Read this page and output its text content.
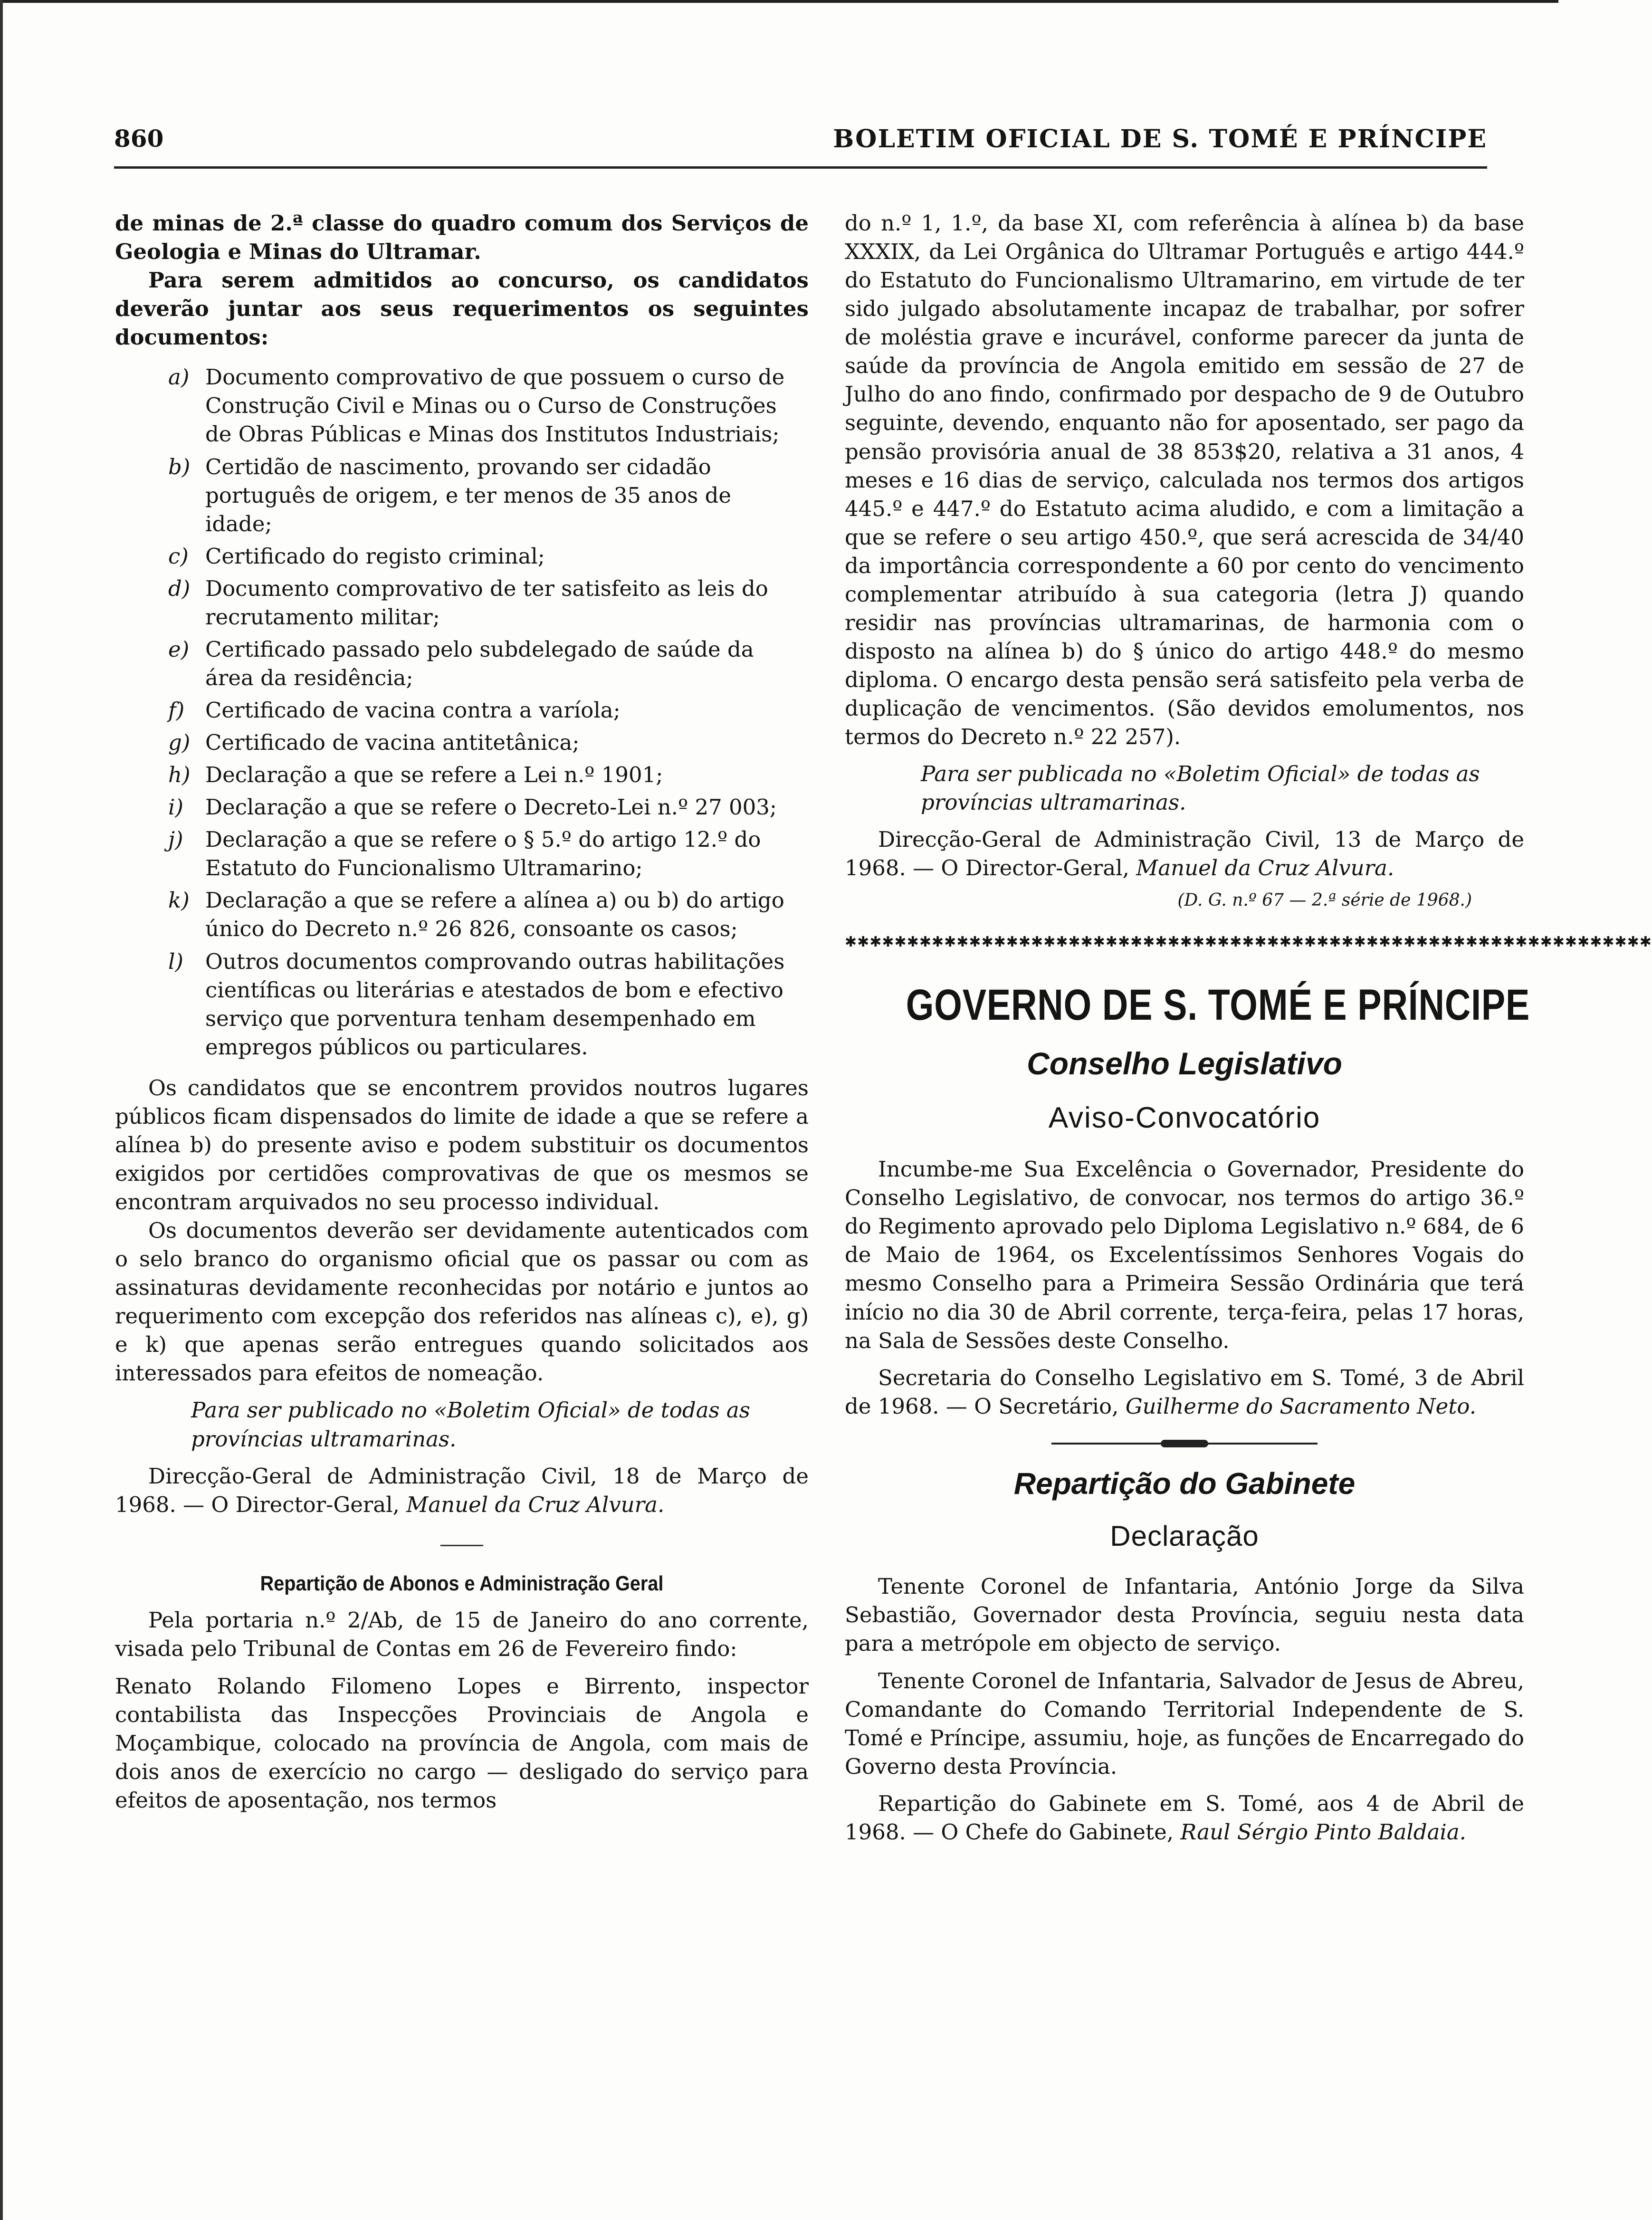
860	BOLETIM OFICIAL DE S. TOMÉ E PRÍNCIPE

de minas de 2.ª classe do quadro comum dos Serviços de Geologia e Minas do Ultramar.

Para serem admitidos ao concurso, os candidatos deverão juntar aos seus requerimentos os seguintes documentos:

a) Documento comprovativo de que possuem o curso de Construção Civil e Minas ou o Curso de Construções de Obras Públicas e Minas dos Institutos Industriais;
b) Certidão de nascimento, provando ser cidadão português de origem, e ter menos de 35 anos de idade;
c) Certificado do registo criminal;
d) Documento comprovativo de ter satisfeito as leis do recrutamento militar;
e) Certificado passado pelo subdelegado de saúde da área da residência;
f) Certificado de vacina contra a varíola;
g) Certificado de vacina antitetânica;
h) Declaração a que se refere a Lei n.º 1901;
i) Declaração a que se refere o Decreto-Lei n.º 27 003;
j) Declaração a que se refere o § 5.º do artigo 12.º do Estatuto do Funcionalismo Ultramarino;
k) Declaração a que se refere a alínea a) ou b) do artigo único do Decreto n.º 26 826, consoante os casos;
l) Outros documentos comprovando outras habilitações científicas ou literárias e atestados de bom e efectivo serviço que porventura tenham desempenhado em empregos públicos ou particulares.

Os candidatos que se encontrem providos noutros lugares públicos ficam dispensados do limite de idade a que se refere a alínea b) do presente aviso e podem substituir os documentos exigidos por certidões comprovativas de que os mesmos se encontram arquivados no seu processo individual.

Os documentos deverão ser devidamente autenticados com o selo branco do organismo oficial que os passar ou com as assinaturas devidamente reconhecidas por notário e juntos ao requerimento com excepção dos referidos nas alíneas c), e), g) e k) que apenas serão entregues quando solicitados aos interessados para efeitos de nomeação.

Para ser publicado no «Boletim Oficial» de todas as províncias ultramarinas.

Direcção-Geral de Administração Civil, 18 de Março de 1968. — O Director-Geral, Manuel da Cruz Alvura.

Repartição de Abonos e Administração Geral

Pela portaria n.º 2/Ab, de 15 de Janeiro do ano corrente, visada pelo Tribunal de Contas em 26 de Fevereiro findo:

Renato Rolando Filomeno Lopes e Birrento, inspector contabilista das Inspecções Provinciais de Angola e Moçambique, colocado na província de Angola, com mais de dois anos de exercício no cargo — desligado do serviço para efeitos de aposentação, nos termos

do n.º 1, 1.º, da base XI, com referência à alínea b) da base XXXIX, da Lei Orgânica do Ultramar Português e artigo 444.º do Estatuto do Funcionalismo Ultramarino, em virtude de ter sido julgado absolutamente incapaz de trabalhar, por sofrer de moléstia grave e incurável, conforme parecer da junta de saúde da província de Angola emitido em sessão de 27 de Julho do ano findo, confirmado por despacho de 9 de Outubro seguinte, devendo, enquanto não for aposentado, ser pago da pensão provisória anual de 38 853$20, relativa a 31 anos, 4 meses e 16 dias de serviço, calculada nos termos dos artigos 445.º e 447.º do Estatuto acima aludido, e com a limitação a que se refere o seu artigo 450.º, que será acrescida de 34/40 da importância correspondente a 60 por cento do vencimento complementar atribuído à sua categoria (letra J) quando residir nas províncias ultramarinas, de harmonia com o disposto na alínea b) do § único do artigo 448.º do mesmo diploma. O encargo desta pensão será satisfeito pela verba de duplicação de vencimentos. (São devidos emolumentos, nos termos do Decreto n.º 22 257).

Para ser publicada no «Boletim Oficial» de todas as províncias ultramarinas.

Direcção-Geral de Administração Civil, 13 de Março de 1968. — O Director-Geral, Manuel da Cruz Alvura.

(D. G. n.º 67 — 2.ª série de 1968.)

✱✱✱✱✱✱✱✱✱✱✱✱✱✱✱✱✱✱✱✱✱✱✱✱✱✱✱✱✱✱✱✱✱✱✱✱✱✱✱✱✱✱✱✱✱✱✱✱✱✱✱✱✱✱✱✱✱✱✱✱✱✱✱✱✱
GOVERNO DE S. TOMÉ E PRÍNCIPE
Conselho Legislativo
Aviso-Convocatório

Incumbe-me Sua Excelência o Governador, Presidente do Conselho Legislativo, de convocar, nos termos do artigo 36.º do Regimento aprovado pelo Diploma Legislativo n.º 684, de 6 de Maio de 1964, os Excelentíssimos Senhores Vogais do mesmo Conselho para a Primeira Sessão Ordinária que terá início no dia 30 de Abril corrente, terça-feira, pelas 17 horas, na Sala de Sessões deste Conselho.

Secretaria do Conselho Legislativo em S. Tomé, 3 de Abril de 1968. — O Secretário, Guilherme do Sacramento Neto.

Repartição do Gabinete
Declaração

Tenente Coronel de Infantaria, António Jorge da Silva Sebastião, Governador desta Província, seguiu nesta data para a metrópole em objecto de serviço.

Tenente Coronel de Infantaria, Salvador de Jesus de Abreu, Comandante do Comando Territorial Independente de S. Tomé e Príncipe, assumiu, hoje, as funções de Encarregado do Governo desta Província.

Repartição do Gabinete em S. Tomé, aos 4 de Abril de 1968. — O Chefe do Gabinete, Raul Sérgio Pinto Baldaia.
